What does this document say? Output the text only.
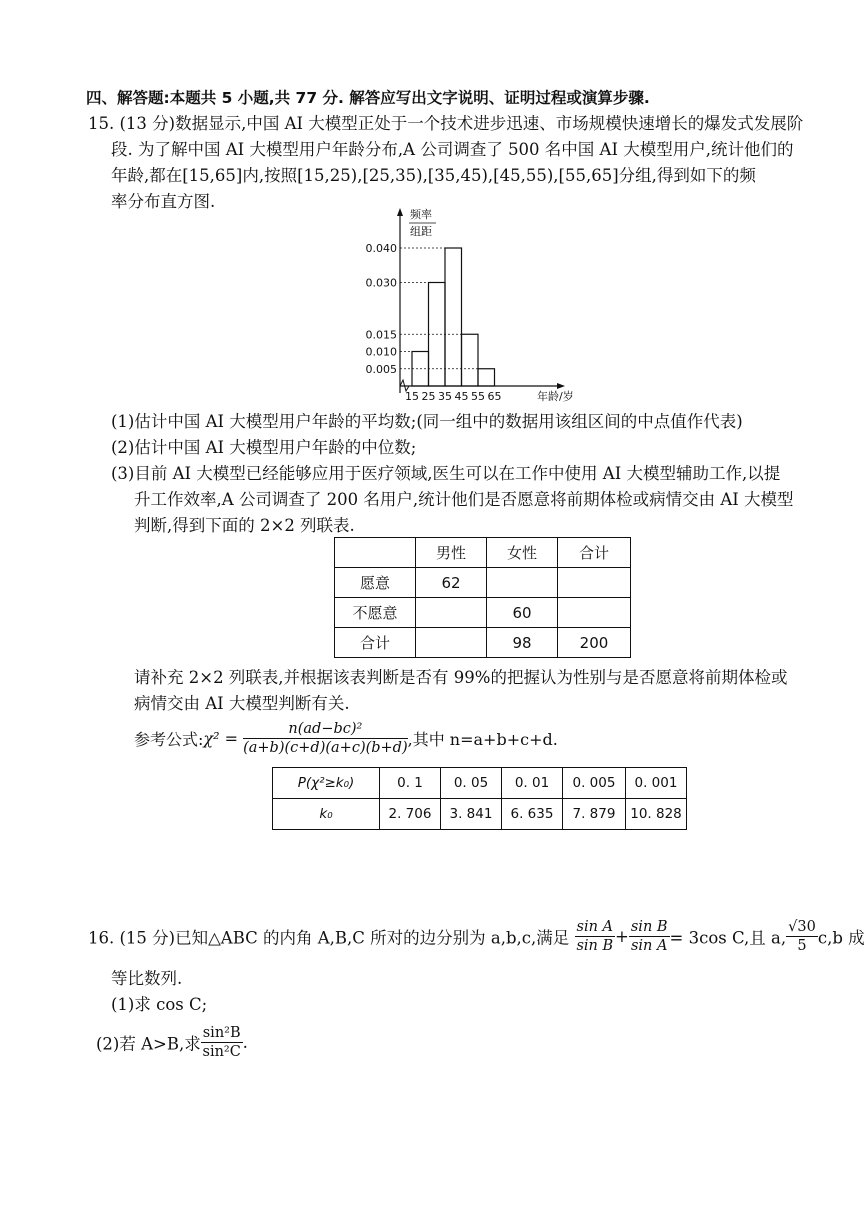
四、解答题:本题共 5 小题,共 77 分. 解答应写出文字说明、证明过程或演算步骤.
15. (13 分)数据显示,中国 AI 大模型正处于一个技术进步迅速、市场规模快速增长的爆发式发展阶
段. 为了解中国 AI 大模型用户年龄分布,A 公司调查了 500 名中国 AI 大模型用户,统计他们的
年龄,都在[15,65]内,按照[15,25),[25,35),[35,45),[45,55),[55,65]分组,得到如下的频
率分布直方图.
频率
组距
年龄/岁
0.040
0.030
0.015
0.010
0.005
15 25 35 45 55 65
(1)估计中国 AI 大模型用户年龄的平均数;(同一组中的数据用该组区间的中点值作代表)
(2)估计中国 AI 大模型用户年龄的中位数;
(3)目前 AI 大模型已经能够应用于医疗领域,医生可以在工作中使用 AI 大模型辅助工作,以提
升工作效率,A 公司调查了 200 名用户,统计他们是否愿意将前期体检或病情交由 AI 大模型
判断,得到下面的 2×2 列联表.
	男性	女性	合计
愿意	62		
不愿意		60	
合计		98	200
请补充 2×2 列联表,并根据该表判断是否有 99%的把握认为性别与是否愿意将前期体检或
病情交由 AI 大模型判断有关.
参考公式:χ² = $\frac{\text{n(ad−bc)²}}{(a+b)(c+d)(a+c)(b+d)}$ ,其中 n=a+b+c+d.
P(χ²≥k₀)	0. 1	0. 05	0. 01	0. 005	0. 001
k₀	2. 706	3. 841	6. 635	7. 879	10. 828
16. (15 分)已知△ABC 的内角 A,B,C 所对的边分别为 a,b,c,满足 $\frac{\text{sin A}}{\text{sin B}} + \frac{\text{sin B}}{\text{sin A}} = 3\cos$ C,且 a, $\frac{√30}{5} c,b$ 成
等比数列.
(1)求 cos C;
(2)若 A>B,求 $\frac{\text{sin²B}}{\text{sin²C}}$ .
